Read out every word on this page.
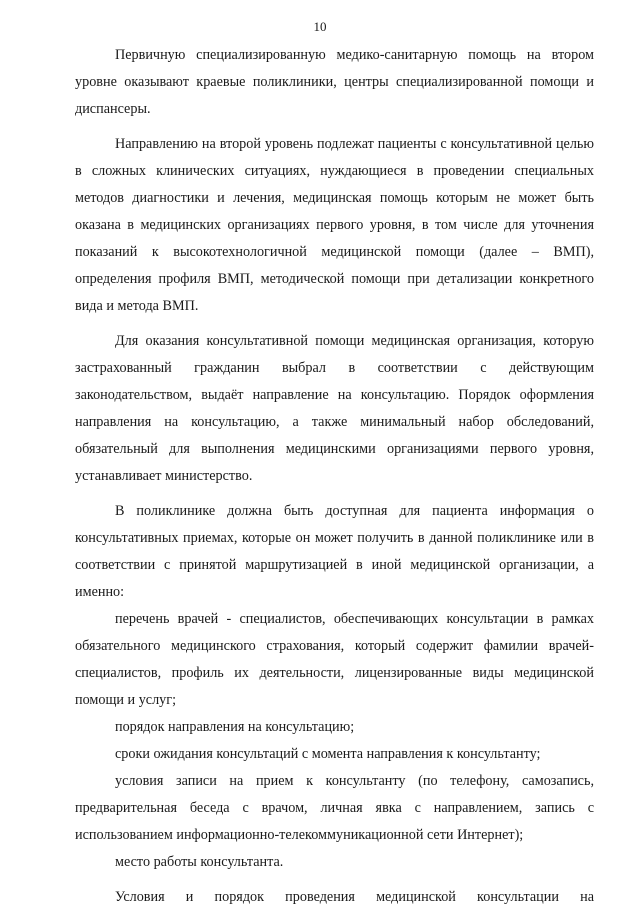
10

Первичную специализированную медико-санитарную помощь на втором уровне оказывают краевые поликлиники, центры специализированной помощи и диспансеры.

Направлению на второй уровень подлежат пациенты с консультативной целью в сложных клинических ситуациях, нуждающиеся в проведении специальных методов диагностики и лечения, медицинская помощь которым не может быть оказана в медицинских организациях первого уровня, в том числе для уточнения показаний к высокотехнологичной медицинской помощи (далее – ВМП), определения профиля ВМП, методической помощи при детализации конкретного вида и метода ВМП.

Для оказания консультативной помощи медицинская организация, которую застрахованный гражданин выбрал в соответствии с действующим законодательством, выдаёт направление на консультацию. Порядок оформления направления на консультацию, а также минимальный набор обследований, обязательный для выполнения медицинскими организациями первого уровня, устанавливает министерство.

В поликлинике должна быть доступная для пациента информация о консультативных приемах, которые он может получить в данной поликлинике или в соответствии с принятой маршрутизацией в иной медицинской организации, а именно:

перечень врачей - специалистов, обеспечивающих консультации в рамках обязательного медицинского страхования, который содержит фамилии врачей-специалистов, профиль их деятельности, лицензированные виды медицинской помощи и услуг;

порядок направления на консультацию;

сроки ожидания консультаций с момента направления к консультанту;

условия записи на прием к консультанту (по телефону, самозапись, предварительная беседа с врачом, личная явка с направлением, запись с использованием информационно-телекоммуникационной сети Интернет);

место работы консультанта.

Условия и порядок проведения медицинской консультации на
